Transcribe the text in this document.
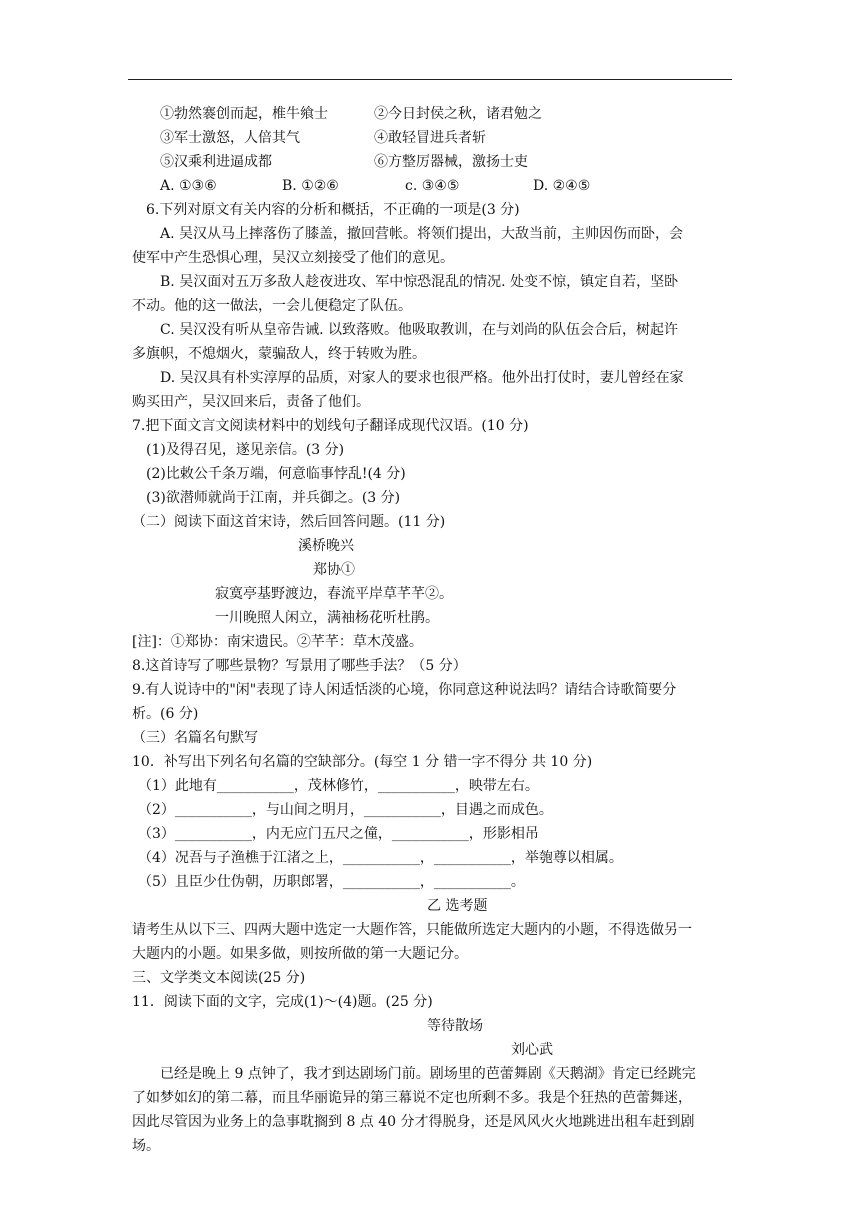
①勃然褰创而起，椎牛飨士	②今日封侯之秋，诸君勉之
③军士激怒，人倍其气	④敢轻冒进兵者斩
⑤汉乘利进逼成都	⑥方整厉器械，激扬士吏
A. ①③⑥	B. ①②⑥	c. ③④⑤	D. ②④⑤
6.下列对原文有关内容的分析和概括，不正确的一项是(3 分)
A. 吴汉从马上摔落伤了膝盖，撤回营帐。将领们提出，大敌当前，主帅因伤而卧，会
使军中产生恐惧心理，吴汉立刻接受了他们的意见。
B. 吴汉面对五万多敌人趁夜进攻、军中惊恐混乱的情况. 处变不惊，镇定自若，坚卧
不动。他的这一做法，一会儿便稳定了队伍。
C. 吴汉没有听从皇帝告诫. 以致落败。他吸取教训，在与刘尚的队伍会合后，树起许
多旗帜，不熄烟火，蒙骗敌人，终于转败为胜。
D. 吴汉具有朴实淳厚的品质，对家人的要求也很严格。他外出打仗时，妻儿曾经在家
购买田产，吴汉回来后，责备了他们。
7.把下面文言文阅读材料中的划线句子翻译成现代汉语。(10 分)
(1)及得召见，遂见亲信。(3 分)
(2)比敕公千条万端，何意临事悖乱!(4 分)
(3)欲潜师就尚于江南，并兵御之。(3 分)
（二）阅读下面这首宋诗，然后回答问题。(11 分)
溪桥晚兴
郑协①
寂寞亭基野渡边，春流平岸草芊芊②。
一川晚照人闲立，满袖杨花听杜鹃。
[注]：①郑协：南宋遗民。②芊芊：草木茂盛。
8.这首诗写了哪些景物？写景用了哪些手法？（5 分）
9.有人说诗中的"闲"表现了诗人闲适恬淡的心境，你同意这种说法吗？请结合诗歌简要分
析。(6 分)
（三）名篇名句默写
10．补写出下列名句名篇的空缺部分。(每空 1 分 错一字不得分 共 10 分)
（1）此地有___________，茂林修竹，___________，映带左右。
（2）___________，与山间之明月，___________，目遇之而成色。
（3）___________，内无应门五尺之僮，___________，形影相吊
（4）况吾与子渔樵于江渚之上，___________，___________，举匏尊以相属。
（5）且臣少仕伪朝，历职郎署，___________，___________。
乙 选考题
请考生从以下三、四两大题中选定一大题作答，只能做所选定大题内的小题，不得选做另一
大题内的小题。如果多做，则按所做的第一大题记分。
三、文学类文本阅读(25 分)
11．阅读下面的文字，完成(1)～(4)题。(25 分)
等待散场
刘心武
已经是晚上 9 点钟了，我才到达剧场门前。剧场里的芭蕾舞剧《天鹅湖》肯定已经跳完
了如梦如幻的第二幕，而且华丽诡异的第三幕说不定也所剩不多。我是个狂热的芭蕾舞迷，
因此尽管因为业务上的急事耽搁到 8 点 40 分才得脱身，还是风风火火地跳进出租车赶到剧
场。
